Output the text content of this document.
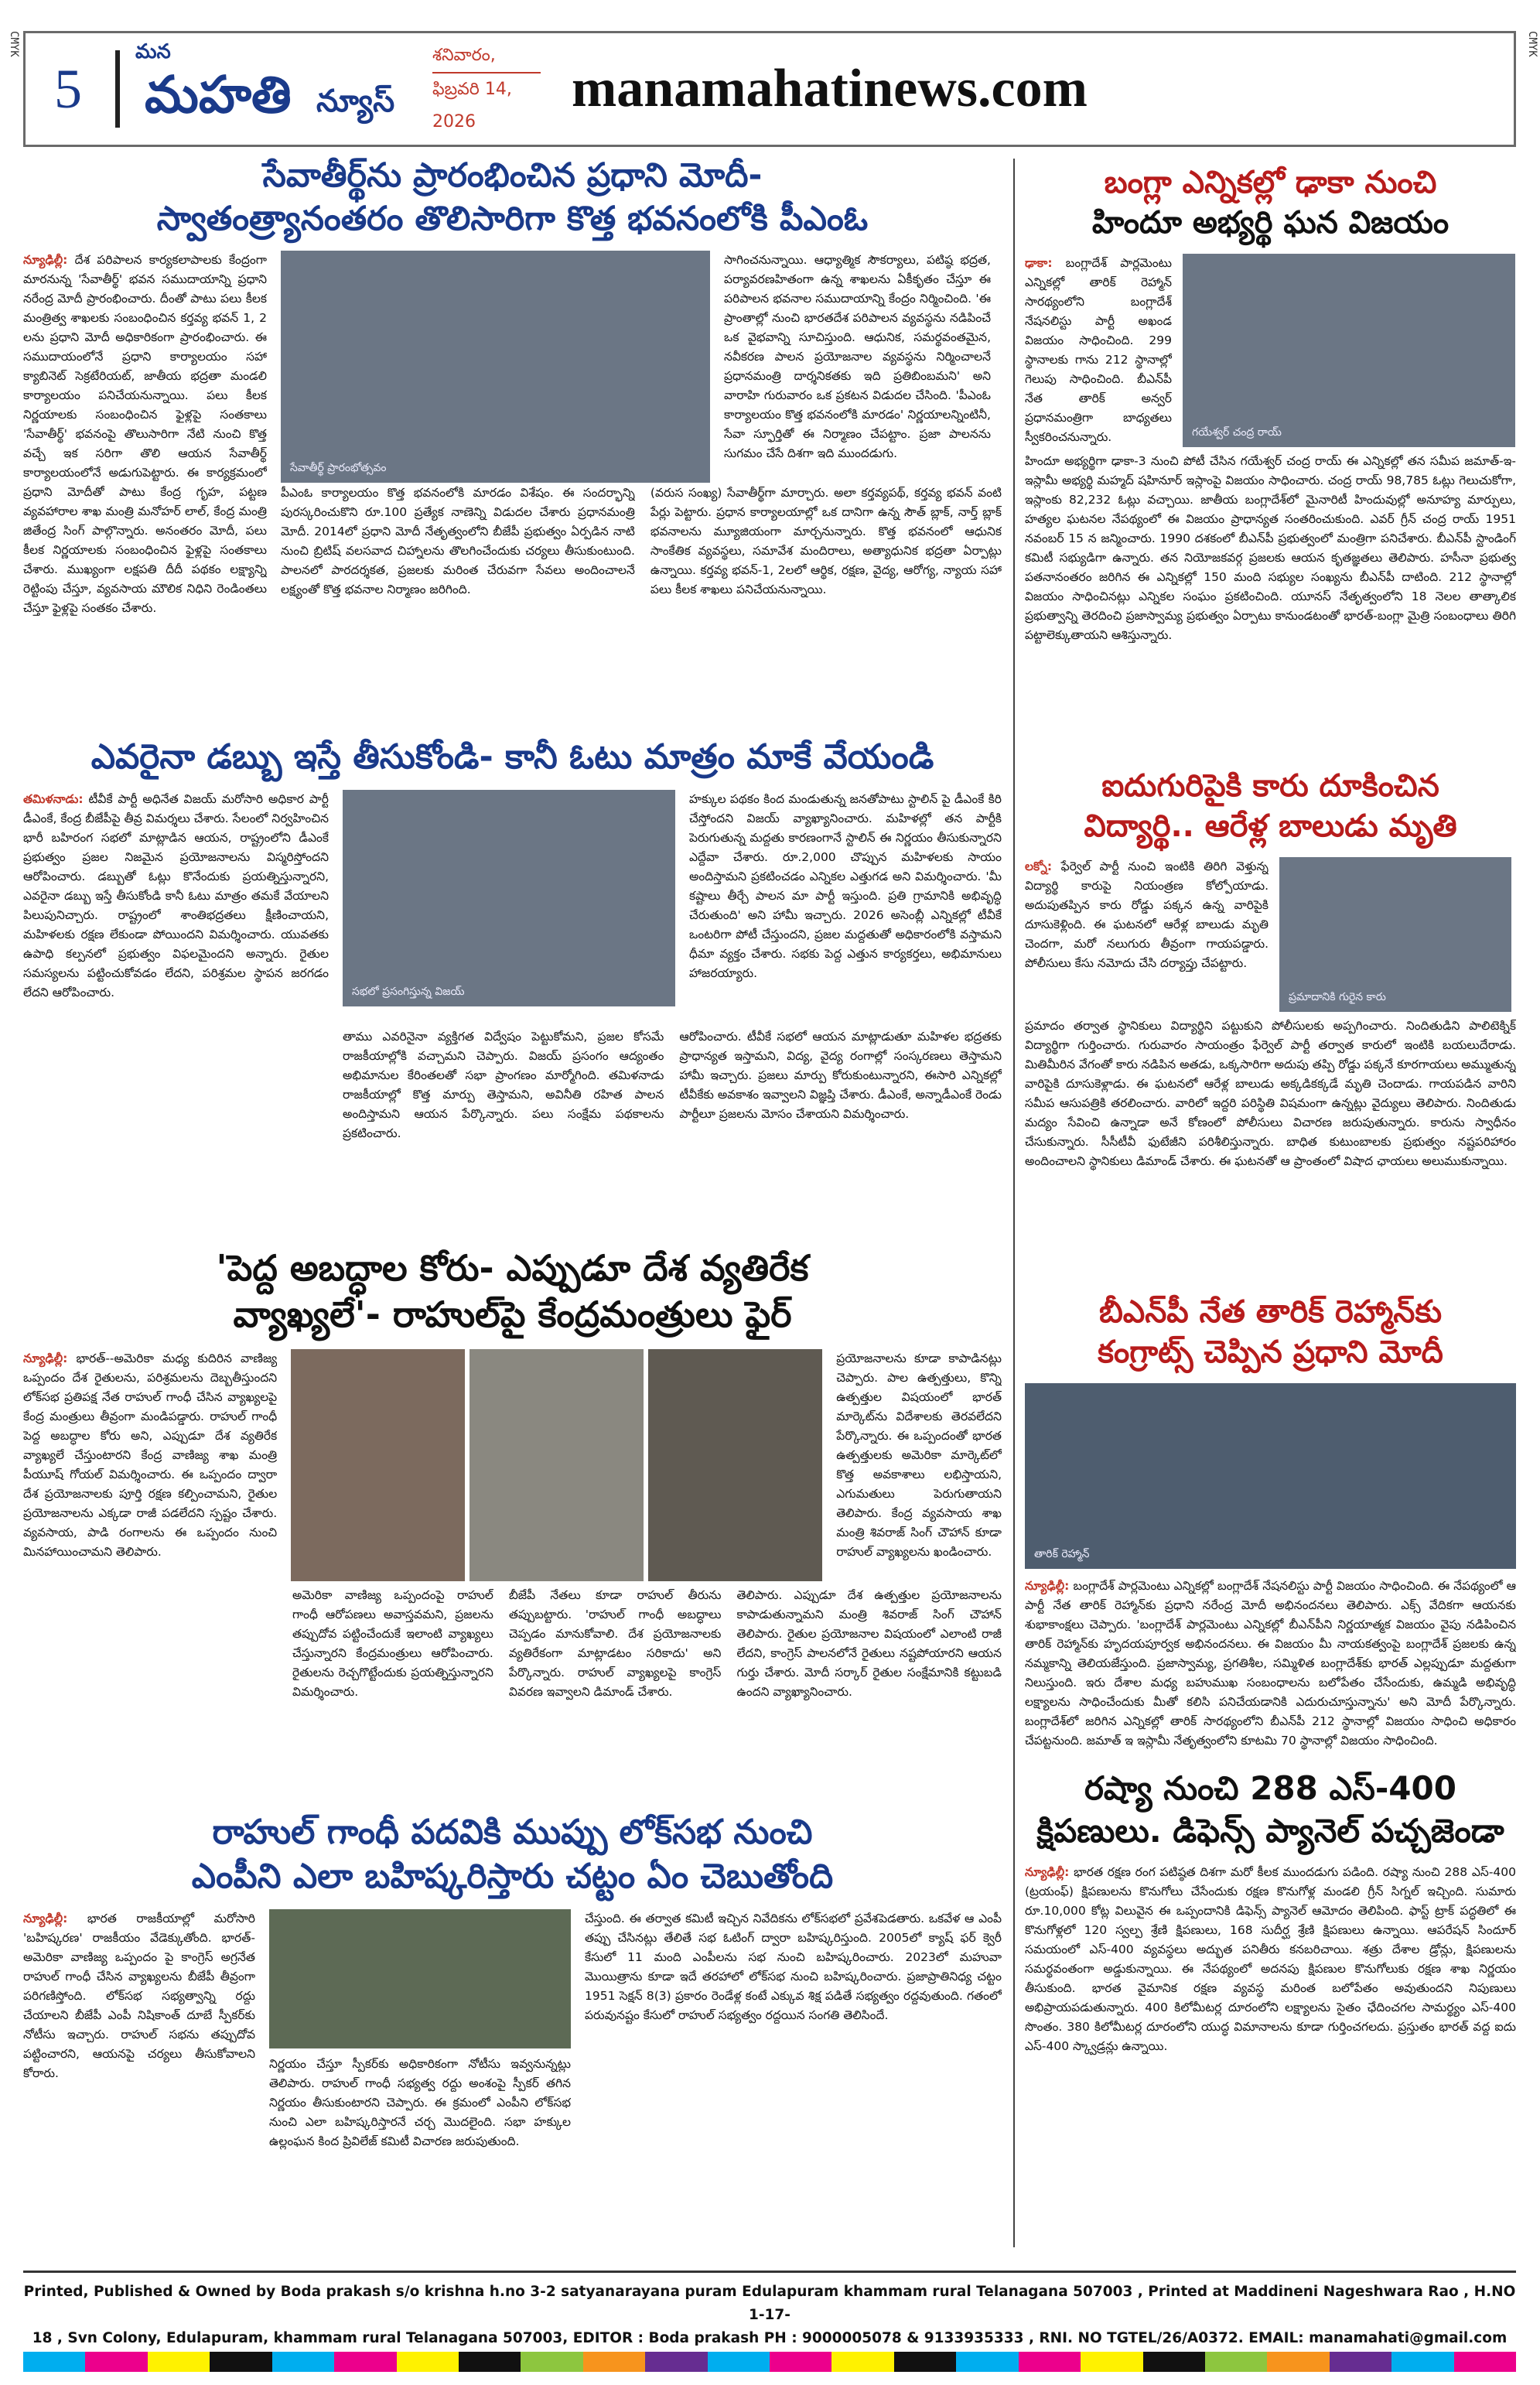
CMYK	CMYK
5
మన
మహతి న్యూస్
శనివారం,
ఫిబ్రవరి 14, 2026
manamahatinews.com
సేవాతీర్థ్‌ను ప్రారంభించిన ప్రధాని మోదీ-
స్వాతంత్ర్యానంతరం తొలిసారిగా కొత్త భవనంలోకి పీఎంఓ

న్యూఢిల్లీ: దేశ పరిపాలన కార్యకలాపాలకు కేంద్రంగా మారనున్న 'సేవాతీర్థ్' భవన సముదాయాన్ని ప్రధాని నరేంద్ర మోదీ ప్రారంభించారు. దీంతో పాటు పలు కీలక మంత్రిత్వ శాఖలకు సంబంధించిన కర్తవ్య భవన్ 1, 2 లను ప్రధాని మోదీ అధికారికంగా ప్రారంభించారు. ఈ సముదాయంలోనే ప్రధాని కార్యాలయం సహా క్యాబినెట్ సెక్రటేరియట్, జాతీయ భద్రతా మండలి కార్యాలయం పనిచేయనున్నాయి. పలు కీలక నిర్ణయాలకు సంబంధించిన ఫైళ్లపై సంతకాలు 'సేవాతీర్థ్' భవనంపై తొలుసారిగా నేటి నుంచి కొత్త వచ్చే ఇక సరిగా తొలి ఆయన సేవాతీర్థ్ కార్యాలయంలోనే అడుగుపెట్టారు. ఈ కార్యక్రమంలో ప్రధాని మోదీతో పాటు కేంద్ర గృహ, పట్టణ వ్యవహారాల శాఖ మంత్రి మనోహర్ లాల్, కేంద్ర మంత్రి జితేంద్ర సింగ్ పాల్గొన్నారు. అనంతరం మోదీ, పలు కీలక నిర్ణయాలకు సంబంధించిన ఫైళ్లపై సంతకాలు చేశారు. ముఖ్యంగా లక్షపతి దీదీ పథకం లక్ష్యాన్ని రెట్టింపు చేస్తూ, వ్యవసాయ మౌలిక నిధిని రెండింతలు చేస్తూ ఫైళ్లపై సంతకం చేశారు.

సేవాతీర్థ్ ప్రారంభోత్సవం

సాగించనున్నాయి. ఆధ్యాత్మిక సౌకర్యాలు, పటిష్ఠ భద్రత, పర్యావరణహితంగా ఉన్న శాఖలను ఏకీకృతం చేస్తూ ఈ పరిపాలన భవనాల సముదాయాన్ని కేంద్రం నిర్మించింది. 'ఈ ప్రాంతాల్లో నుంచి భారతదేశ పరిపాలన వ్యవస్థను నడిపించే ఒక వైభవాన్ని సూచిస్తుంది. ఆధునిక, సమర్థవంతమైన, నవీకరణ పాలన ప్రయోజనాల వ్యవస్థను నిర్మించాలనే ప్రధానమంత్రి దార్శనికతకు ఇది ప్రతిబింబమని' అని వారాహి గురువారం ఒక ప్రకటన విడుదల చేసింది. 'పీఎంఓ కార్యాలయం కొత్త భవనంలోకి మారడం' నిర్ణయాలన్నింటినీ, సేవా స్ఫూర్తితో ఈ నిర్మాణం చేపట్టాం. ప్రజా పాలనను సుగమం చేసే దిశగా ఇది ముందడుగు.

పీఎంఓ కార్యాలయం కొత్త భవనంలోకి మారడం విశేషం. ఈ సందర్భాన్ని పురస్కరించుకొని రూ.100 ప్రత్యేక నాణెన్ని విడుదల చేశారు ప్రధానమంత్రి మోదీ. 2014లో ప్రధాని మోదీ నేతృత్వంలోని బీజేపీ ప్రభుత్వం ఏర్పడిన నాటి నుంచి బ్రిటిష్ వలసవాద చిహ్నాలను తొలగించేందుకు చర్యలు తీసుకుంటుంది. పాలనలో పారదర్శకత, ప్రజలకు మరింత చేరువగా సేవలు అందించాలనే లక్ష్యంతో కొత్త భవనాల నిర్మాణం జరిగింది.

(వరుస సంఖ్య) సేవాతీర్థ్‌గా మార్చారు. అలా కర్తవ్యపథ్, కర్తవ్య భవన్ వంటి పేర్లు పెట్టారు. ప్రధాన కార్యాలయాల్లో ఒక దానిగా ఉన్న సౌత్ బ్లాక్, నార్త్ బ్లాక్ భవనాలను మ్యూజియంగా మార్చనున్నారు. కొత్త భవనంలో ఆధునిక సాంకేతిక వ్యవస్థలు, సమావేశ మందిరాలు, అత్యాధునిక భద్రతా ఏర్పాట్లు ఉన్నాయి. కర్తవ్య భవన్-1, 2లలో ఆర్థిక, రక్షణ, వైద్య, ఆరోగ్య, న్యాయ సహా పలు కీలక శాఖలు పనిచేయనున్నాయి.

బంగ్లా ఎన్నికల్లో ఢాకా నుంచి
హిందూ అభ్యర్థి ఘన విజయం

ఢాకా: బంగ్లాదేశ్ పార్లమెంటు ఎన్నికల్లో తారిక్ రెహ్మాన్ సారథ్యంలోని బంగ్లాదేశ్ నేషనలిస్టు పార్టీ అఖండ విజయం సాధించింది. 299 స్థానాలకు గాను 212 స్థానాల్లో గెలుపు సాధించింది. బీఎన్‌పీ నేత తారిక్ అన్వర్ ప్రధానమంత్రిగా బాధ్యతలు స్వీకరించనున్నారు.	గయేశ్వర్ చంద్ర రాయ్

హిందూ అభ్యర్థిగా ఢాకా-3 నుంచి పోటీ చేసిన గయేశ్వర్ చంద్ర రాయ్ ఈ ఎన్నికల్లో తన సమీప జమాత్-ఇ-ఇస్లామీ అభ్యర్థి మహ్మద్ షహినూర్ ఇస్లాంపై విజయం సాధించారు. చంద్ర రాయ్ 98,785 ఓట్లు గెలుచుకోగా, ఇస్లాంకు 82,232 ఓట్లు వచ్చాయి. జాతీయ బంగ్లాదేశ్‌లో మైనారిటీ హిందువుల్లో అనూహ్య మార్పులు, హత్యల ఘటనల నేపథ్యంలో ఈ విజయం ప్రాధాన్యత సంతరించుకుంది. ఎవర్ గ్రీన్ చంద్ర రాయ్ 1951 నవంబర్ 15 న జన్మించారు. 1990 దశకంలో బీఎన్‌పీ ప్రభుత్వంలో మంత్రిగా పనిచేశారు. బీఎన్‌పీ స్టాండింగ్ కమిటీ సభ్యుడిగా ఉన్నారు. తన నియోజకవర్గ ప్రజలకు ఆయన కృతజ్ఞతలు తెలిపారు. హసీనా ప్రభుత్వ పతనానంతరం జరిగిన ఈ ఎన్నికల్లో 150 మంది సభ్యుల సంఖ్యను బీఎన్‌పీ దాటింది. 212 స్థానాల్లో విజయం సాధించినట్లు ఎన్నికల సంఘం ప్రకటించింది. యూనస్ నేతృత్వంలోని 18 నెలల తాత్కాలిక ప్రభుత్వాన్ని తెరదించి ప్రజాస్వామ్య ప్రభుత్వం ఏర్పాటు కానుండటంతో భారత్-బంగ్లా మైత్రి సంబంధాలు తిరిగి పట్టాలెక్కుతాయని ఆశిస్తున్నారు.

ఎవరైనా డబ్బు ఇస్తే తీసుకోండి- కానీ ఓటు మాత్రం మాకే వేయండి

తమిళనాడు: టీవీకే పార్టీ అధినేత విజయ్ మరోసారి అధికార పార్టీ డీఎంకే, కేంద్ర బీజేపీపై తీవ్ర విమర్శలు చేశారు. సేలంలో నిర్వహించిన భారీ బహిరంగ సభలో మాట్లాడిన ఆయన, రాష్ట్రంలోని డీఎంకే ప్రభుత్వం ప్రజల నిజమైన ప్రయోజనాలను విస్మరిస్తోందని ఆరోపించారు. డబ్బుతో ఓట్లు కొనేందుకు ప్రయత్నిస్తున్నారని, ఎవరైనా డబ్బు ఇస్తే తీసుకోండి కానీ ఓటు మాత్రం తమకే వేయాలని పిలుపునిచ్చారు. రాష్ట్రంలో శాంతిభద్రతలు క్షీణించాయని, మహిళలకు రక్షణ లేకుండా పోయిందని విమర్శించారు. యువతకు ఉపాధి కల్పనలో ప్రభుత్వం విఫలమైందని అన్నారు. రైతుల సమస్యలను పట్టించుకోవడం లేదని, పరిశ్రమల స్థాపన జరగడం లేదని ఆరోపించారు.	సభలో ప్రసంగిస్తున్న విజయ్

హక్కుల పథకం కింద మండుతున్న జనతోపాటు స్టాలిన్ పై డీఎంకే కిరి చేస్తోందని విజయ్ వ్యాఖ్యానించారు. మహిళల్లో తన పార్టీకి పెరుగుతున్న మద్దతు కారణంగానే స్టాలిన్ ఈ నిర్ణయం తీసుకున్నారని ఎద్దేవా చేశారు. రూ.2,000 చొప్పున మహిళలకు సాయం అందిస్తామని ప్రకటించడం ఎన్నికల ఎత్తుగడ అని విమర్శించారు. 'మీ కష్టాలు తీర్చే పాలన మా పార్టీ ఇస్తుంది. ప్రతి గ్రామానికి అభివృద్ధి చేరుతుంది' అని హామీ ఇచ్చారు. 2026 అసెంబ్లీ ఎన్నికల్లో టీవీకే ఒంటరిగా పోటీ చేస్తుందని, ప్రజల మద్దతుతో అధికారంలోకి వస్తామని ధీమా వ్యక్తం చేశారు. సభకు పెద్ద ఎత్తున కార్యకర్తలు, అభిమానులు హాజరయ్యారు.

తాము ఎవరినైనా వ్యక్తిగత విద్వేషం పెట్టుకోమని, ప్రజల కోసమే రాజకీయాల్లోకి వచ్చామని చెప్పారు. విజయ్ ప్రసంగం ఆద్యంతం అభిమానుల కేరింతలతో సభా ప్రాంగణం మార్మోగింది. తమిళనాడు రాజకీయాల్లో కొత్త మార్పు తెస్తామని, అవినీతి రహిత పాలన అందిస్తామని ఆయన పేర్కొన్నారు. పలు సంక్షేమ పథకాలను ప్రకటించారు.

ఆరోపించారు. టీవీకే సభలో ఆయన మాట్లాడుతూ మహిళల భద్రతకు ప్రాధాన్యత ఇస్తామని, విద్య, వైద్య రంగాల్లో సంస్కరణలు తెస్తామని హామీ ఇచ్చారు. ప్రజలు మార్పు కోరుకుంటున్నారని, ఈసారి ఎన్నికల్లో టీవీకేకు అవకాశం ఇవ్వాలని విజ్ఞప్తి చేశారు. డీఎంకే, అన్నాడీఎంకే రెండు పార్టీలూ ప్రజలను మోసం చేశాయని విమర్శించారు.

ఐదుగురిపైకి కారు దూకించిన
విద్యార్థి.. ఆరేళ్ల బాలుడు మృతి

లక్నో: ఫేర్వెల్ పార్టీ నుంచి ఇంటికి తిరిగి వెళ్తున్న విద్యార్థి కారుపై నియంత్రణ కోల్పోయాడు. అదుపుతప్పిన కారు రోడ్డు పక్కన ఉన్న వారిపైకి దూసుకెళ్లింది. ఈ ఘటనలో ఆరేళ్ల బాలుడు మృతి చెందగా, మరో నలుగురు తీవ్రంగా గాయపడ్డారు. పోలీసులు కేసు నమోదు చేసి దర్యాప్తు చేపట్టారు.

ప్రమాదానికి గురైన కారు

ప్రమాదం తర్వాత స్థానికులు విద్యార్థిని పట్టుకుని పోలీసులకు అప్పగించారు. నిందితుడిని పాలిటెక్నిక్ విద్యార్థిగా గుర్తించారు. గురువారం సాయంత్రం ఫేర్వెల్ పార్టీ తర్వాత కారులో ఇంటికి బయలుదేరాడు. మితిమీరిన వేగంతో కారు నడిపిన అతడు, ఒక్కసారిగా అదుపు తప్పి రోడ్డు పక్కనే కూరగాయలు అమ్ముతున్న వారిపైకి దూసుకెళ్లాడు. ఈ ఘటనలో ఆరేళ్ల బాలుడు అక్కడికక్కడే మృతి చెందాడు. గాయపడిన వారిని సమీప ఆసుపత్రికి తరలించారు. వారిలో ఇద్దరి పరిస్థితి విషమంగా ఉన్నట్లు వైద్యులు తెలిపారు. నిందితుడు మద్యం సేవించి ఉన్నాడా అనే కోణంలో పోలీసులు విచారణ జరుపుతున్నారు. కారును స్వాధీనం చేసుకున్నారు. సీసీటీవీ ఫుటేజీని పరిశీలిస్తున్నారు. బాధిత కుటుంబాలకు ప్రభుత్వం నష్టపరిహారం అందించాలని స్థానికులు డిమాండ్ చేశారు. ఈ ఘటనతో ఆ ప్రాంతంలో విషాద ఛాయలు అలుముకున్నాయి.

'పెద్ద అబద్ధాల కోరు- ఎప్పుడూ దేశ వ్యతిరేక
వ్యాఖ్యలే'- రాహుల్‌పై కేంద్రమంత్రులు ఫైర్

న్యూఢిల్లీ: భారత్--అమెరికా మధ్య కుదిరిన వాణిజ్య ఒప్పందం దేశ రైతులను, పరిశ్రమలను దెబ్బతీస్తుందని లోక్‌సభ ప్రతిపక్ష నేత రాహుల్ గాంధీ చేసిన వ్యాఖ్యలపై కేంద్ర మంత్రులు తీవ్రంగా మండిపడ్డారు. రాహుల్ గాంధీ పెద్ద అబద్ధాల కోరు అని, ఎప్పుడూ దేశ వ్యతిరేక వ్యాఖ్యలే చేస్తుంటారని కేంద్ర వాణిజ్య శాఖ మంత్రి పీయూష్ గోయల్ విమర్శించారు. ఈ ఒప్పందం ద్వారా దేశ ప్రయోజనాలకు పూర్తి రక్షణ కల్పించామని, రైతుల ప్రయోజనాలను ఎక్కడా రాజీ పడలేదని స్పష్టం చేశారు. వ్యవసాయ, పాడి రంగాలను ఈ ఒప్పందం నుంచి మినహాయించామని తెలిపారు.

ప్రయోజనాలను కూడా కాపాడినట్లు చెప్పారు. పాల ఉత్పత్తులు, కొన్ని ఉత్పత్తుల విషయంలో భారత్ మార్కెట్‌ను విదేశాలకు తెరవలేదని పేర్కొన్నారు. ఈ ఒప్పందంతో భారత ఉత్పత్తులకు అమెరికా మార్కెట్‌లో కొత్త అవకాశాలు లభిస్తాయని, ఎగుమతులు పెరుగుతాయని తెలిపారు. కేంద్ర వ్యవసాయ శాఖ మంత్రి శివరాజ్ సింగ్ చౌహాన్ కూడా రాహుల్ వ్యాఖ్యలను ఖండించారు.

అమెరికా వాణిజ్య ఒప్పందంపై రాహుల్ గాంధీ ఆరోపణలు అవాస్తవమని, ప్రజలను తప్పుదోవ పట్టించేందుకే ఇలాంటి వ్యాఖ్యలు చేస్తున్నారని కేంద్రమంత్రులు ఆరోపించారు. రైతులను రెచ్చగొట్టేందుకు ప్రయత్నిస్తున్నారని విమర్శించారు.

బీజేపీ నేతలు కూడా రాహుల్ తీరును తప్పుబట్టారు. 'రాహుల్ గాంధీ అబద్ధాలు చెప్పడం మానుకోవాలి. దేశ ప్రయోజనాలకు వ్యతిరేకంగా మాట్లాడటం సరికాదు' అని పేర్కొన్నారు. రాహుల్ వ్యాఖ్యలపై కాంగ్రెస్ వివరణ ఇవ్వాలని డిమాండ్ చేశారు.

తెలిపారు. ఎప్పుడూ దేశ ఉత్పత్తుల ప్రయోజనాలను కాపాడుతున్నామని మంత్రి శివరాజ్ సింగ్ చౌహాన్ తెలిపారు. రైతుల ప్రయోజనాల విషయంలో ఎలాంటి రాజీ లేదని, కాంగ్రెస్ పాలనలోనే రైతులు నష్టపోయారని ఆయన గుర్తు చేశారు. మోదీ సర్కార్ రైతుల సంక్షేమానికి కట్టుబడి ఉందని వ్యాఖ్యానించారు.

బీఎన్‌పీ నేత తారిక్ రెహ్మాన్‌కు
కంగ్రాట్స్ చెప్పిన ప్రధాని మోదీ
తారిక్ రెహ్మాన్

న్యూఢిల్లీ: బంగ్లాదేశ్ పార్లమెంటు ఎన్నికల్లో బంగ్లాదేశ్ నేషనలిస్టు పార్టీ విజయం సాధించింది. ఈ నేపథ్యంలో ఆ పార్టీ నేత తారిక్ రెహ్మాన్‌కు ప్రధాని నరేంద్ర మోదీ అభినందనలు తెలిపారు. ఎక్స్ వేదికగా ఆయనకు శుభాకాంక్షలు చెప్పారు. 'బంగ్లాదేశ్ పార్లమెంటు ఎన్నికల్లో బీఎన్‌పీని నిర్ణయాత్మక విజయం వైపు నడిపించిన తారిక్ రెహ్మాన్‌కు హృదయపూర్వక అభినందనలు. ఈ విజయం మీ నాయకత్వంపై బంగ్లాదేశ్ ప్రజలకు ఉన్న నమ్మకాన్ని తెలియజేస్తుంది. ప్రజాస్వామ్య, ప్రగతిశీల, సమ్మిళిత బంగ్లాదేశ్‌కు భారత్ ఎల్లప్పుడూ మద్దతుగా నిలుస్తుంది. ఇరు దేశాల మధ్య బహుముఖ సంబంధాలను బలోపేతం చేసేందుకు, ఉమ్మడి అభివృద్ధి లక్ష్యాలను సాధించేందుకు మీతో కలిసి పనిచేయడానికి ఎదురుచూస్తున్నాను' అని మోదీ పేర్కొన్నారు. బంగ్లాదేశ్‌లో జరిగిన ఎన్నికల్లో తారిక్ సారథ్యంలోని బీఎన్‌పీ 212 స్థానాల్లో విజయం సాధించి అధికారం చేపట్టనుంది. జమాత్ ఇ ఇస్లామీ నేతృత్వంలోని కూటమి 70 స్థానాల్లో విజయం సాధించింది.

రష్యా నుంచి 288 ఎస్-400
క్షిపణులు. డిఫెన్స్ ప్యానెల్ పచ్చజెండా

న్యూఢిల్లీ: భారత రక్షణ రంగ పటిష్ఠత దిశగా మరో కీలక ముందడుగు పడింది. రష్యా నుంచి 288 ఎస్-400 (ట్రయంఫ్) క్షిపణులను కొనుగోలు చేసేందుకు రక్షణ కొనుగోళ్ల మండలి గ్రీన్ సిగ్నల్ ఇచ్చింది. సుమారు రూ.10,000 కోట్ల విలువైన ఈ ఒప్పందానికి డిఫెన్స్ ప్యానెల్ ఆమోదం తెలిపింది. ఫాస్ట్ ట్రాక్ పద్ధతిలో ఈ కొనుగోళ్లలో 120 స్వల్ప శ్రేణి క్షిపణులు, 168 సుదీర్ఘ శ్రేణి క్షిపణులు ఉన్నాయి. ఆపరేషన్ సిందూర్ సమయంలో ఎస్-400 వ్యవస్థలు అద్భుత పనితీరు కనబరిచాయి. శత్రు దేశాల డ్రోన్లు, క్షిపణులను సమర్థవంతంగా అడ్డుకున్నాయి. ఈ నేపథ్యంలో అదనపు క్షిపణుల కొనుగోలుకు రక్షణ శాఖ నిర్ణయం తీసుకుంది. భారత వైమానిక రక్షణ వ్యవస్థ మరింత బలోపేతం అవుతుందని నిపుణులు అభిప్రాయపడుతున్నారు. 400 కిలోమీటర్ల దూరంలోని లక్ష్యాలను సైతం ఛేదించగల సామర్థ్యం ఎస్-400 సొంతం. 380 కిలోమీటర్ల దూరంలోని యుద్ధ విమానాలను కూడా గుర్తించగలదు. ప్రస్తుతం భారత్ వద్ద ఐదు ఎస్-400 స్క్వాడ్రన్లు ఉన్నాయి.

రాహుల్ గాంధీ పదవికి ముప్పు లోక్‌సభ నుంచి
ఎంపీని ఎలా బహిష్కరిస్తారు చట్టం ఏం చెబుతోంది

న్యూఢిల్లీ: భారత రాజకీయాల్లో మరోసారి 'బహిష్కరణ' రాజకీయం వేడెక్కుతోంది. భారత్-అమెరికా వాణిజ్య ఒప్పందం పై కాంగ్రెస్ అగ్రనేత రాహుల్ గాంధీ చేసిన వ్యాఖ్యలను బీజేపీ తీవ్రంగా పరిగణిస్తోంది. లోక్‌సభ సభ్యత్వాన్ని రద్దు చేయాలని బీజేపీ ఎంపీ నిషికాంత్ దూబే స్పీకర్‌కు నోటీసు ఇచ్చారు. రాహుల్ సభను తప్పుదోవ పట్టించారని, ఆయనపై చర్యలు తీసుకోవాలని కోరారు.

నిర్ణయం చేస్తూ స్పీకర్‌కు అధికారికంగా నోటీసు ఇవ్వనున్నట్లు తెలిపారు. రాహుల్ గాంధీ సభ్యత్వ రద్దు అంశంపై స్పీకర్ తగిన నిర్ణయం తీసుకుంటారని చెప్పారు. ఈ క్రమంలో ఎంపీని లోక్‌సభ నుంచి ఎలా బహిష్కరిస్తారనే చర్చ మొదలైంది. సభా హక్కుల ఉల్లంఘన కింద ప్రివిలేజ్ కమిటీ విచారణ జరుపుతుంది.

చేస్తుంది. ఈ తర్వాత కమిటీ ఇచ్చిన నివేదికను లోక్‌సభలో ప్రవేశపెడతారు. ఒకవేళ ఆ ఎంపీ తప్పు చేసినట్లు తేలితే సభ ఓటింగ్ ద్వారా బహిష్కరిస్తుంది. 2005లో క్యాష్ ఫర్ క్వెరీ కేసులో 11 మంది ఎంపీలను సభ నుంచి బహిష్కరించారు. 2023లో మహువా మొయిత్రాను కూడా ఇదే తరహాలో లోక్‌సభ నుంచి బహిష్కరించారు. ప్రజాప్రాతినిధ్య చట్టం 1951 సెక్షన్ 8(3) ప్రకారం రెండేళ్ల కంటే ఎక్కువ శిక్ష పడితే సభ్యత్వం రద్దవుతుంది. గతంలో పరువునష్టం కేసులో రాహుల్ సభ్యత్వం రద్దయిన సంగతి తెలిసిందే.

Printed, Published & Owned by Boda prakash s/o krishna h.no 3-2 satyanarayana puram Edulapuram khammam rural Telanagana 507003 , Printed at Maddineni Nageshwara Rao , H.NO 1-17-
18 , Svn Colony, Edulapuram, khammam rural Telanagana 507003, EDITOR : Boda prakash PH : 9000005078 & 9133935333 , RNI. NO TGTEL/26/A0372. EMAIL: manamahati@gmail.com
